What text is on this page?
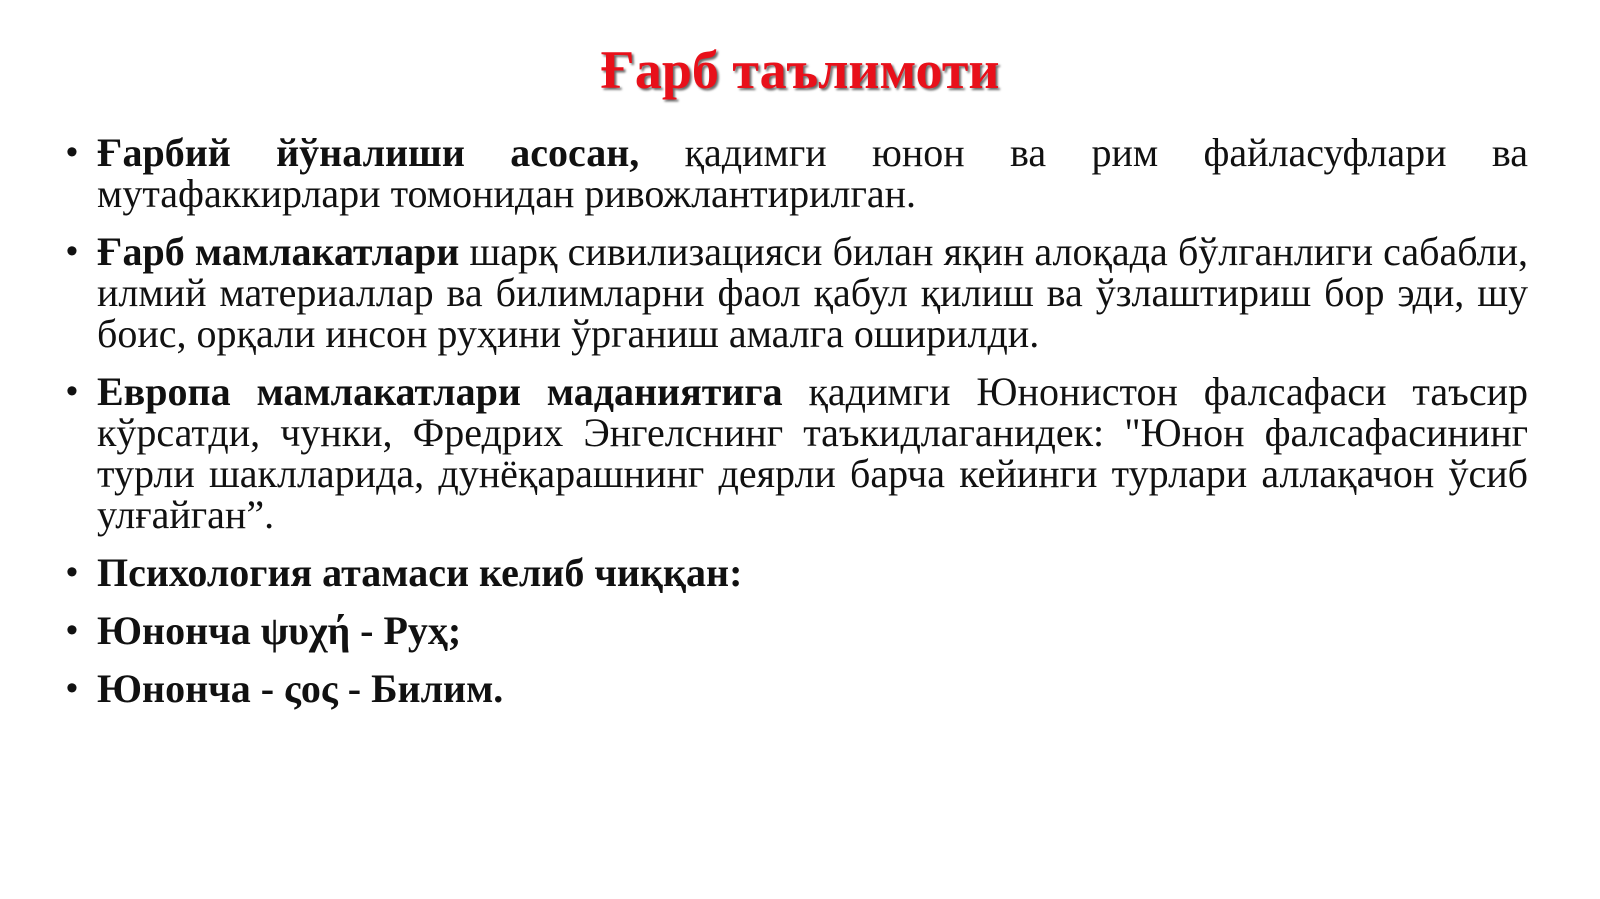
Ғарб таълимоти
• Ғарбий йўналиши асосан, қадимги юнон ва рим файласуфлари ва мутафаккирлари томонидан ривожлантирилган.
• Ғарб мамлакатлари шарқ сивилизацияси билан яқин алоқада бўлганлиги сабабли, илмий материаллар ва билимларни фаол қабул қилиш ва ўзлаштириш бор эди, шу боис, орқали инсон руҳини ўрганиш амалга оширилди.
• Европа мамлакатлари маданиятига қадимги Юнонистон фалсафаси таъсир кўрсатди, чунки, Фредрих Энгелснинг таъкидлаганидек: "Юнон фалсафасининг турли шаклларида, дунёқарашнинг деярли барча кейинги турлари аллақачон ўсиб улғайган”.
• Психология атамаси келиб чиққан:
• Юнонча ψυχή - Руҳ;
• Юнонча - ςος - Билим.
